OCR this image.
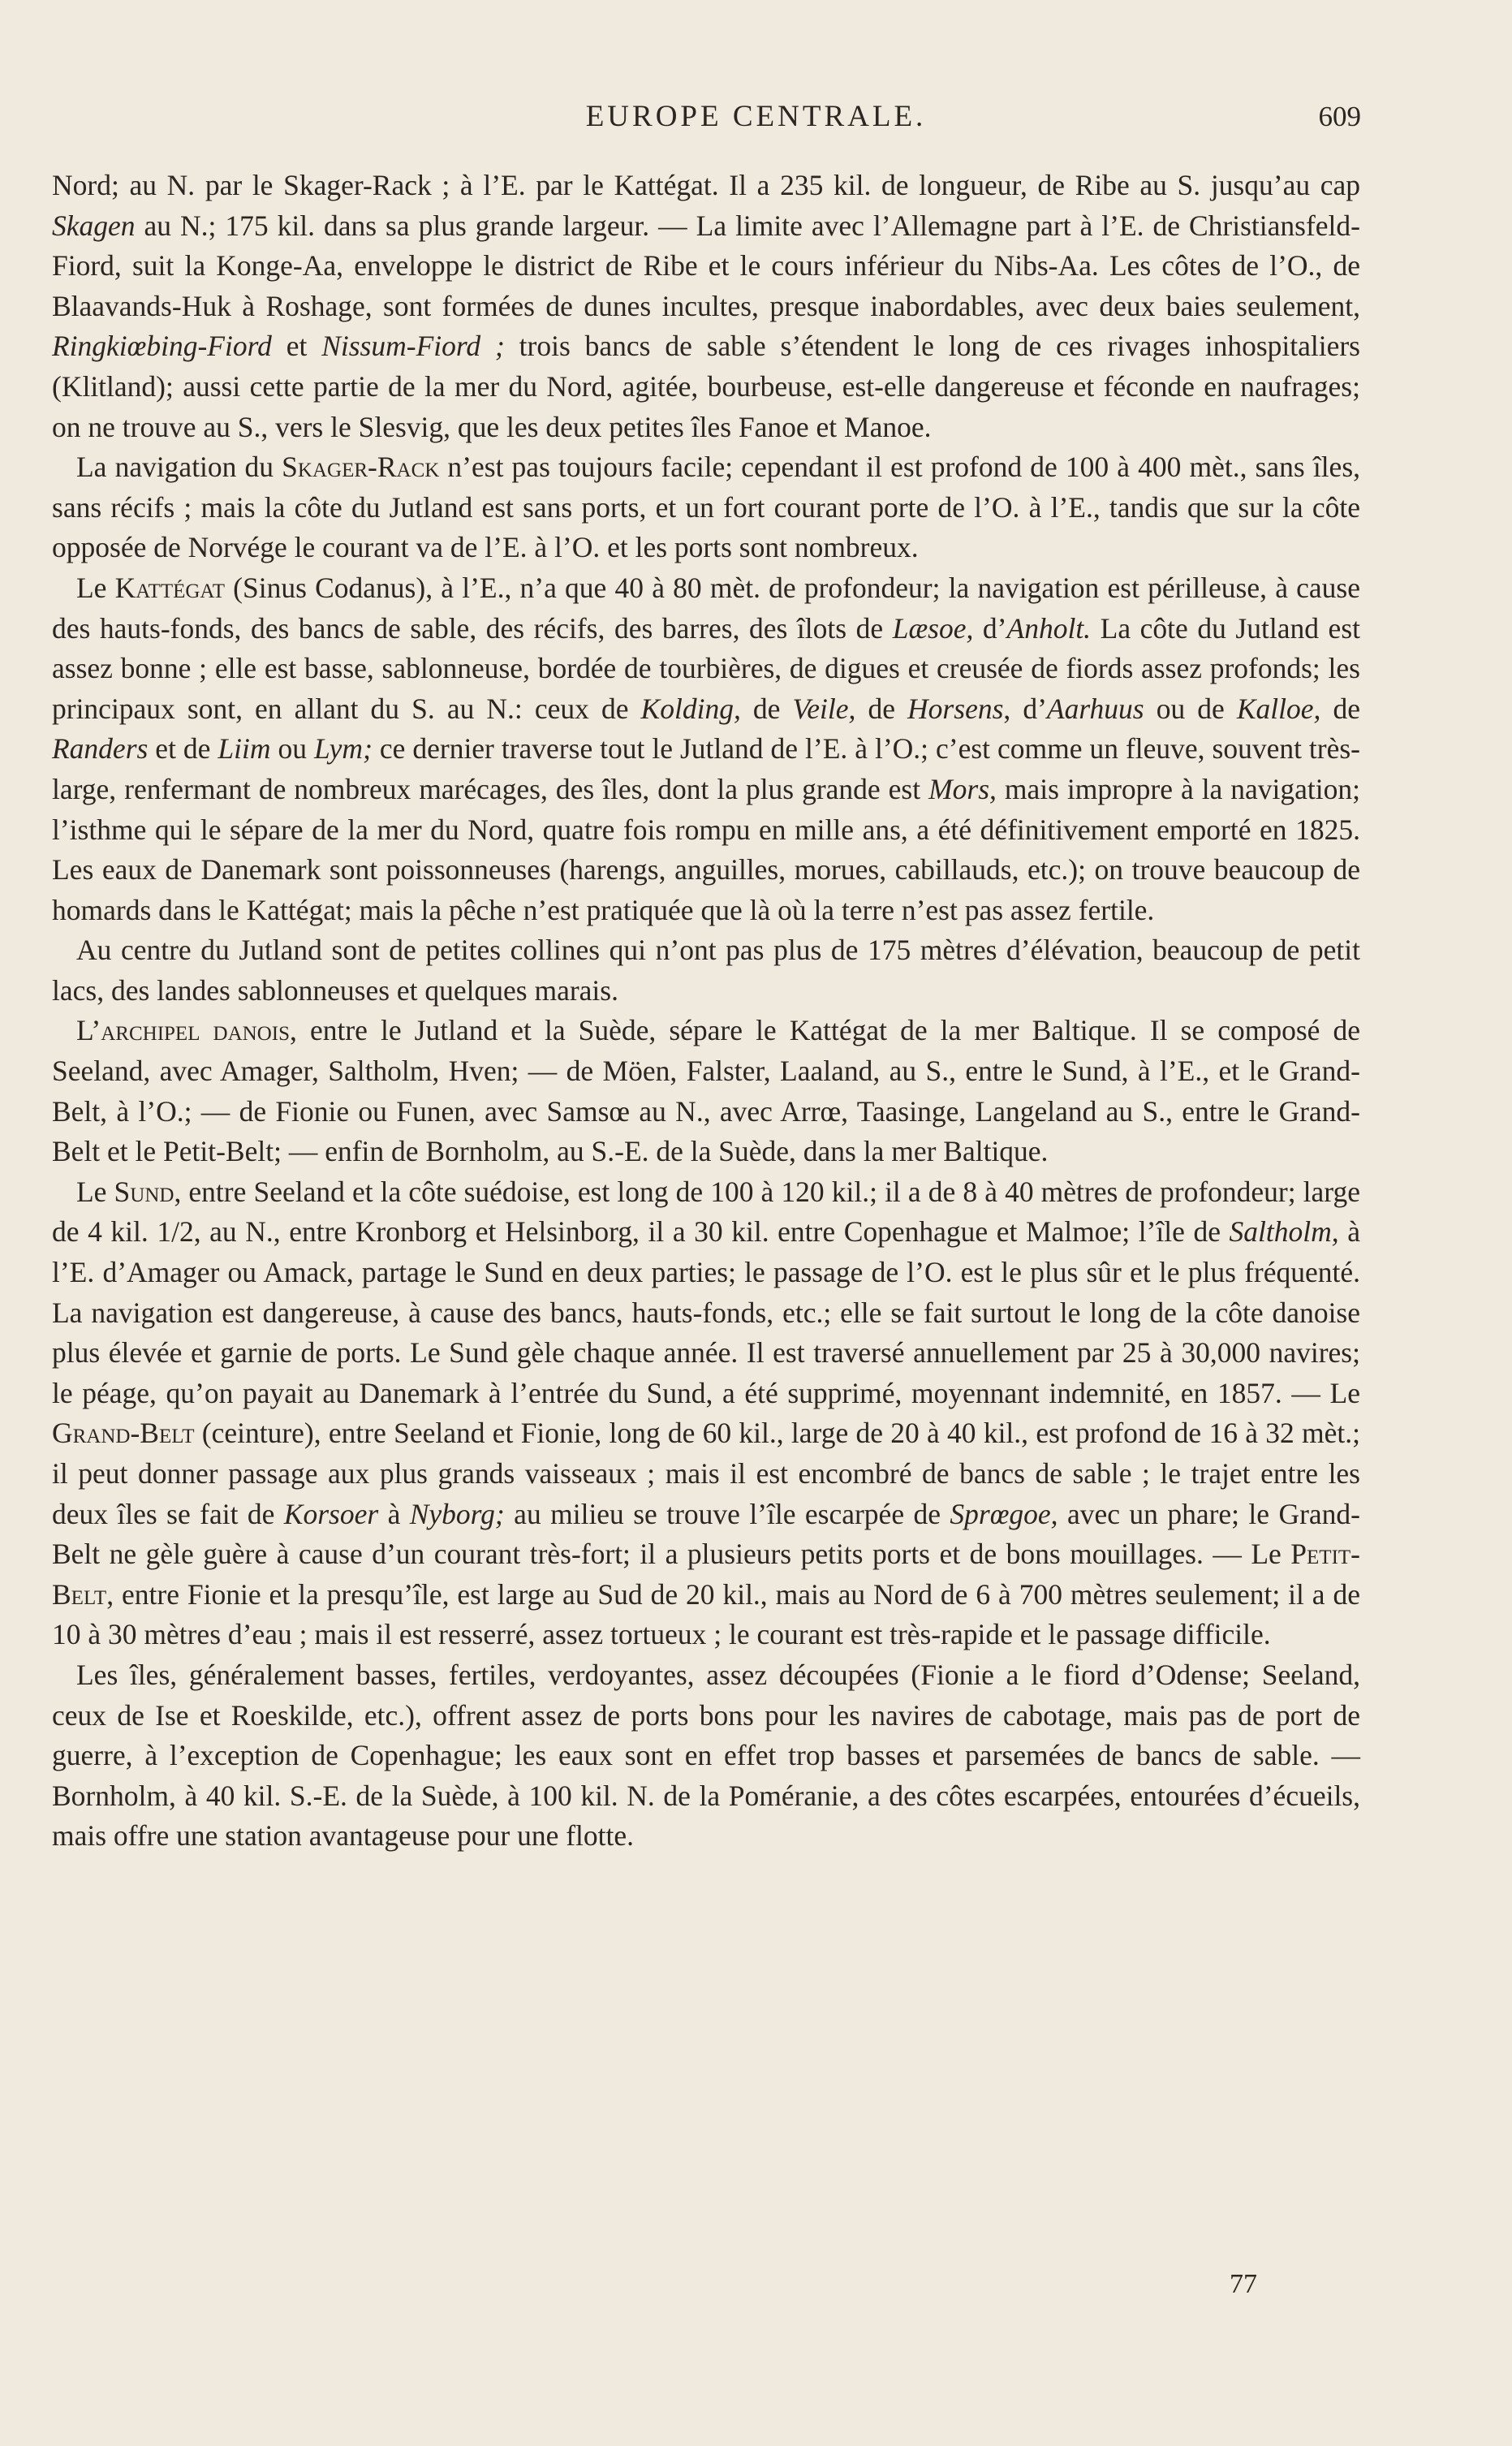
EUROPE CENTRALE.	609

Nord; au N. par le Skager-Rack ; à l’E. par le Kattégat. Il a 235 kil. de longueur, de Ribe au S. jusqu’au cap Skagen au N.; 175 kil. dans sa plus grande largeur. — La limite avec l’Allemagne part à l’E. de Christiansfeld-Fiord, suit la Konge-Aa, enveloppe le district de Ribe et le cours inférieur du Nibs-Aa. Les côtes de l’O., de Blaavands-Huk à Roshage, sont formées de dunes incultes, presque inabordables, avec deux baies seulement, Ringkiœbing-Fiord et Nissum-Fiord ; trois bancs de sable s’étendent le long de ces rivages inhospitaliers (Klitland); aussi cette partie de la mer du Nord, agitée, bourbeuse, est-elle dangereuse et féconde en naufrages; on ne trouve au S., vers le Slesvig, que les deux petites îles Fanoe et Manoe.

La navigation du Skager-Rack n’est pas toujours facile; cependant il est profond de 100 à 400 mèt., sans îles, sans récifs ; mais la côte du Jutland est sans ports, et un fort courant porte de l’O. à l’E., tandis que sur la côte opposée de Norvége le courant va de l’E. à l’O. et les ports sont nombreux.

Le Kattégat (Sinus Codanus), à l’E., n’a que 40 à 80 mèt. de profondeur; la navigation est périlleuse, à cause des hauts-fonds, des bancs de sable, des récifs, des barres, des îlots de Læsoe, d’Anholt. La côte du Jutland est assez bonne ; elle est basse, sablonneuse, bordée de tourbières, de digues et creusée de fiords assez profonds; les principaux sont, en allant du S. au N.: ceux de Kolding, de Veile, de Horsens, d’Aarhuus ou de Kalloe, de Randers et de Liim ou Lym; ce dernier traverse tout le Jutland de l’E. à l’O.; c’est comme un fleuve, souvent très-large, renfermant de nombreux marécages, des îles, dont la plus grande est Mors, mais impropre à la navigation; l’isthme qui le sépare de la mer du Nord, quatre fois rompu en mille ans, a été définitivement emporté en 1825. Les eaux de Danemark sont poissonneuses (harengs, anguilles, morues, cabillauds, etc.); on trouve beaucoup de homards dans le Kattégat; mais la pêche n’est pratiquée que là où la terre n’est pas assez fertile.

Au centre du Jutland sont de petites collines qui n’ont pas plus de 175 mètres d’élévation, beaucoup de petit lacs, des landes sablonneuses et quelques marais.

L’archipel danois, entre le Jutland et la Suède, sépare le Kattégat de la mer Baltique. Il se composé de Seeland, avec Amager, Saltholm, Hven; — de Möen, Falster, Laaland, au S., entre le Sund, à l’E., et le Grand-Belt, à l’O.; — de Fionie ou Funen, avec Samsœ au N., avec Arrœ, Taasinge, Langeland au S., entre le Grand-Belt et le Petit-Belt; — enfin de Bornholm, au S.-E. de la Suède, dans la mer Baltique.

Le Sund, entre Seeland et la côte suédoise, est long de 100 à 120 kil.; il a de 8 à 40 mètres de profondeur; large de 4 kil. 1/2, au N., entre Kronborg et Helsinborg, il a 30 kil. entre Copenhague et Malmoe; l’île de Saltholm, à l’E. d’Amager ou Amack, partage le Sund en deux parties; le passage de l’O. est le plus sûr et le plus fréquenté. La navigation est dangereuse, à cause des bancs, hauts-fonds, etc.; elle se fait surtout le long de la côte danoise plus élevée et garnie de ports. Le Sund gèle chaque année. Il est traversé annuellement par 25 à 30,000 navires; le péage, qu’on payait au Danemark à l’entrée du Sund, a été supprimé, moyennant indemnité, en 1857. — Le Grand-Belt (ceinture), entre Seeland et Fionie, long de 60 kil., large de 20 à 40 kil., est profond de 16 à 32 mèt.; il peut donner passage aux plus grands vaisseaux ; mais il est encombré de bancs de sable ; le trajet entre les deux îles se fait de Korsoer à Nyborg; au milieu se trouve l’île escarpée de Sprœgoe, avec un phare; le Grand-Belt ne gèle guère à cause d’un courant très-fort; il a plusieurs petits ports et de bons mouillages. — Le Petit-Belt, entre Fionie et la presqu’île, est large au Sud de 20 kil., mais au Nord de 6 à 700 mètres seulement; il a de 10 à 30 mètres d’eau ; mais il est resserré, assez tortueux ; le courant est très-rapide et le passage difficile.

Les îles, généralement basses, fertiles, verdoyantes, assez découpées (Fionie a le fiord d’Odense; Seeland, ceux de Ise et Roeskilde, etc.), offrent assez de ports bons pour les navires de cabotage, mais pas de port de guerre, à l’exception de Copenhague; les eaux sont en effet trop basses et parsemées de bancs de sable. — Bornholm, à 40 kil. S.-E. de la Suède, à 100 kil. N. de la Poméranie, a des côtes escarpées, entourées d’écueils, mais offre une station avantageuse pour une flotte.

77
